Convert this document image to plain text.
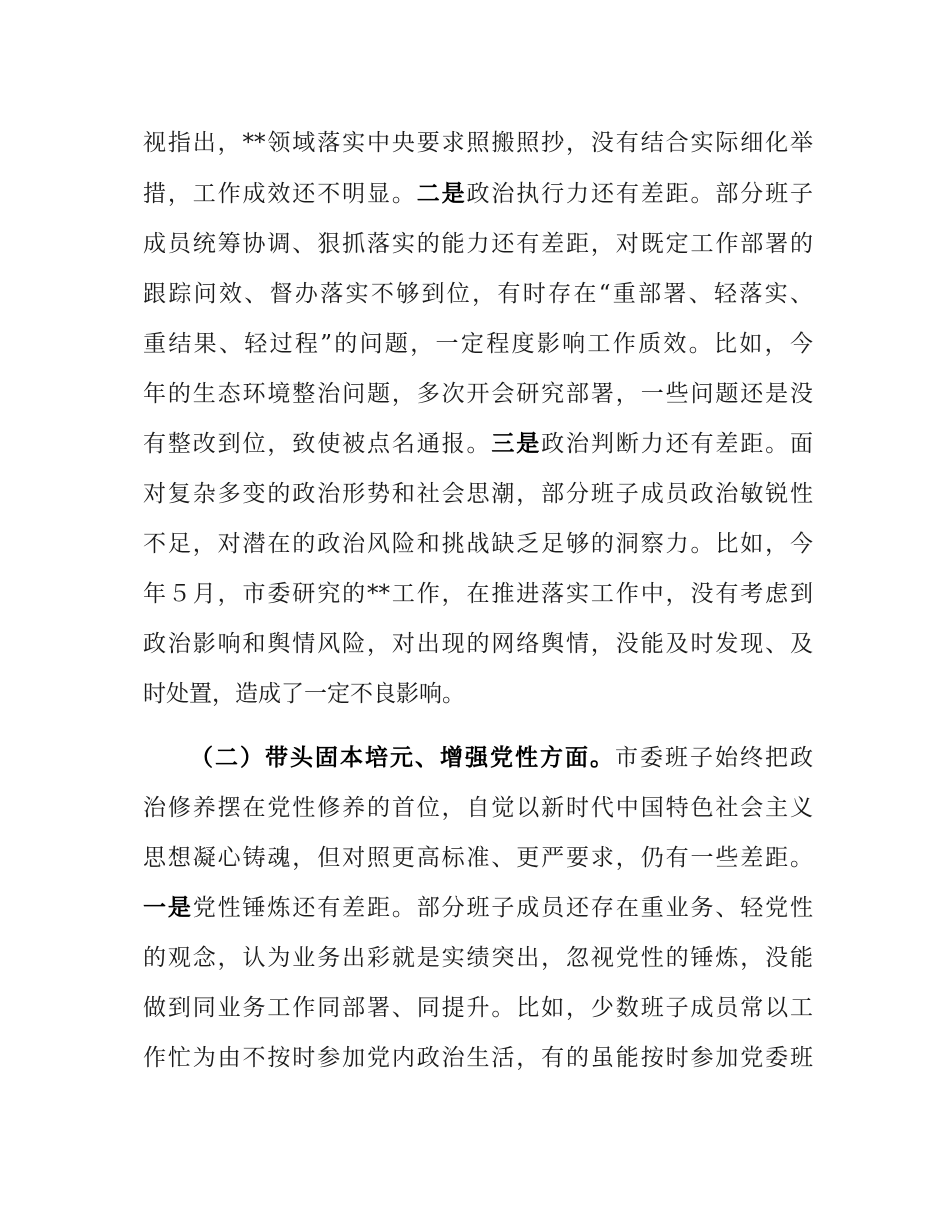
视指出，**领域落实中央要求照搬照抄，没有结合实际细化举
措，工作成效还不明显。二是政治执行力还有差距。部分班子
成员统筹协调、狠抓落实的能力还有差距，对既定工作部署的
跟踪问效、督办落实不够到位，有时存在“重部署、轻落实、
重结果、轻过程”的问题，一定程度影响工作质效。比如，今
年的生态环境整治问题，多次开会研究部署，一些问题还是没
有整改到位，致使被点名通报。三是政治判断力还有差距。面
对复杂多变的政治形势和社会思潮，部分班子成员政治敏锐性
不足，对潜在的政治风险和挑战缺乏足够的洞察力。比如，今
年５月，市委研究的**工作，在推进落实工作中，没有考虑到
政治影响和舆情风险，对出现的网络舆情，没能及时发现、及
时处置，造成了一定不良影响。
（二）带头固本培元、增强党性方面。市委班子始终把政
治修养摆在党性修养的首位，自觉以新时代中国特色社会主义
思想凝心铸魂，但对照更高标准、更严要求，仍有一些差距。
一是党性锤炼还有差距。部分班子成员还存在重业务、轻党性
的观念，认为业务出彩就是实绩突出，忽视党性的锤炼，没能
做到同业务工作同部署、同提升。比如，少数班子成员常以工
作忙为由不按时参加党内政治生活，有的虽能按时参加党委班
